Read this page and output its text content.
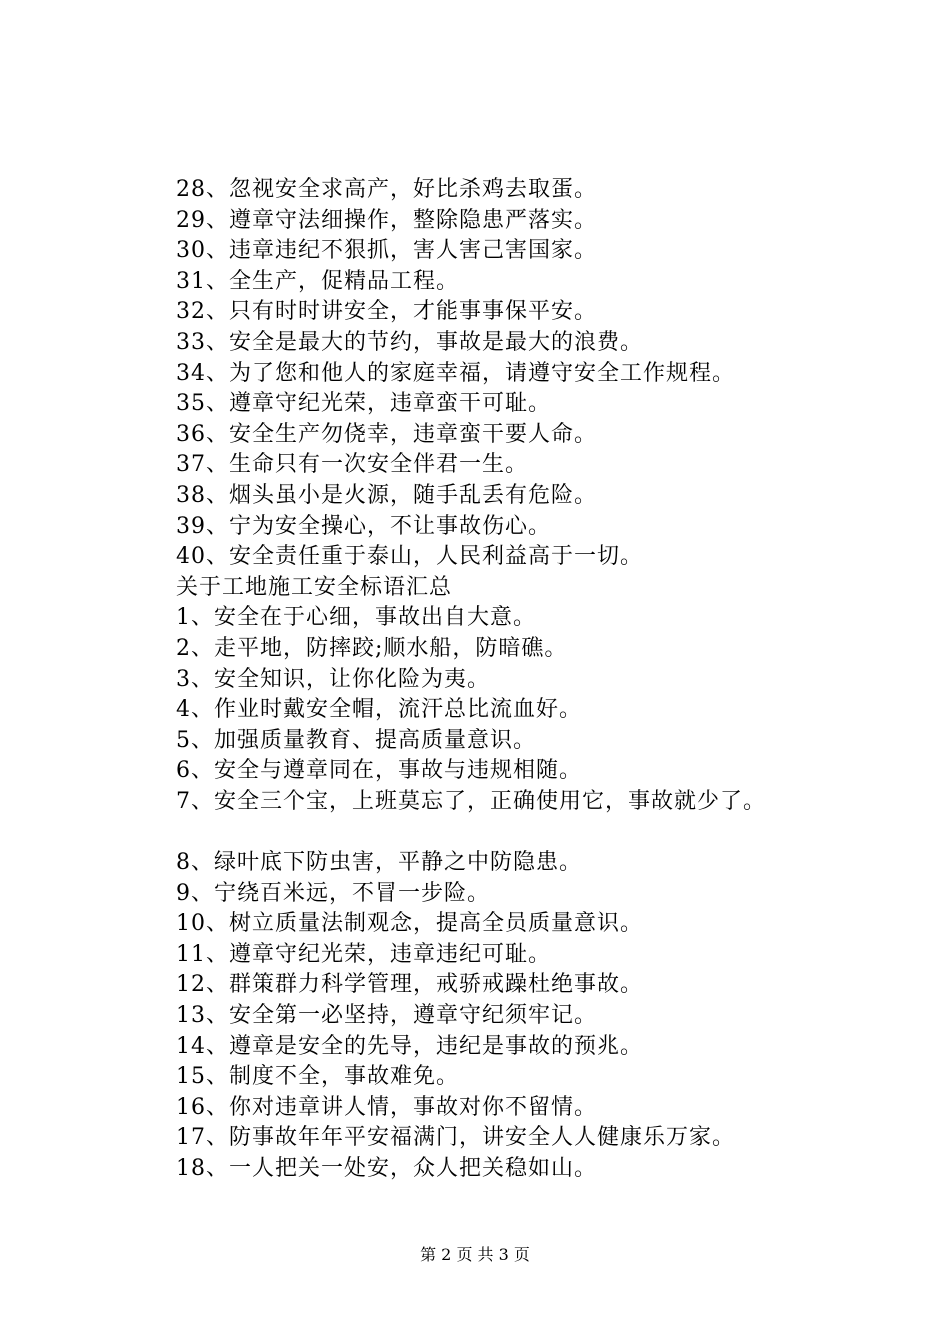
28、忽视安全求高产，好比杀鸡去取蛋。
29、遵章守法细操作，整除隐患严落实。
30、违章违纪不狠抓，害人害己害国家。
31、全生产，促精品工程。
32、只有时时讲安全，才能事事保平安。
33、安全是最大的节约，事故是最大的浪费。
34、为了您和他人的家庭幸福，请遵守安全工作规程。
35、遵章守纪光荣，违章蛮干可耻。
36、安全生产勿侥幸，违章蛮干要人命。
37、生命只有一次安全伴君一生。
38、烟头虽小是火源，随手乱丢有危险。
39、宁为安全操心，不让事故伤心。
40、安全责任重于泰山，人民利益高于一切。
关于工地施工安全标语汇总
1、安全在于心细，事故出自大意。
2、走平地，防摔跤;顺水船，防暗礁。
3、安全知识，让你化险为夷。
4、作业时戴安全帽，流汗总比流血好。
5、加强质量教育、提高质量意识。
6、安全与遵章同在，事故与违规相随。
7、安全三个宝，上班莫忘了，正确使用它，事故就少了。
8、绿叶底下防虫害，平静之中防隐患。
9、宁绕百米远，不冒一步险。
10、树立质量法制观念，提高全员质量意识。
11、遵章守纪光荣，违章违纪可耻。
12、群策群力科学管理，戒骄戒躁杜绝事故。
13、安全第一必坚持，遵章守纪须牢记。
14、遵章是安全的先导，违纪是事故的预兆。
15、制度不全，事故难免。
16、你对违章讲人情，事故对你不留情。
17、防事故年年平安福满门，讲安全人人健康乐万家。
18、一人把关一处安，众人把关稳如山。
第 2 页 共 3 页
